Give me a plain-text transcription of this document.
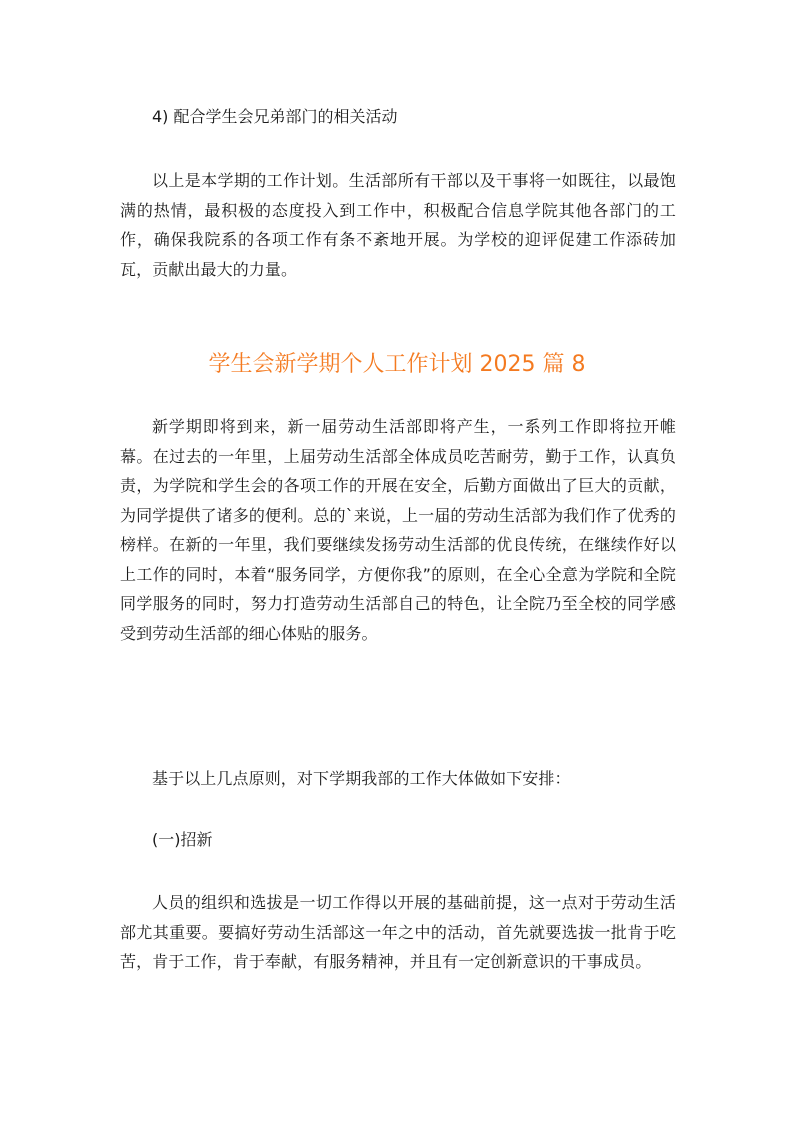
4) 配合学生会兄弟部门的相关活动

以上是本学期的工作计划。生活部所有干部以及干事将一如既往，以最饱满的热情，最积极的态度投入到工作中，积极配合信息学院其他各部门的工作，确保我院系的各项工作有条不紊地开展。为学校的迎评促建工作添砖加瓦，贡献出最大的力量。

学生会新学期个人工作计划 2025 篇 8

新学期即将到来，新一届劳动生活部即将产生，一系列工作即将拉开帷幕。在过去的一年里，上届劳动生活部全体成员吃苦耐劳，勤于工作，认真负责，为学院和学生会的各项工作的开展在安全，后勤方面做出了巨大的贡献，为同学提供了诸多的便利。总的`来说，上一届的劳动生活部为我们作了优秀的榜样。在新的一年里，我们要继续发扬劳动生活部的优良传统，在继续作好以上工作的同时，本着“服务同学，方便你我”的原则，在全心全意为学院和全院同学服务的同时，努力打造劳动生活部自己的特色，让全院乃至全校的同学感受到劳动生活部的细心体贴的服务。

基于以上几点原则，对下学期我部的工作大体做如下安排：

(一)招新

人员的组织和选拔是一切工作得以开展的基础前提，这一点对于劳动生活部尤其重要。要搞好劳动生活部这一年之中的活动，首先就要选拔一批肯于吃苦，肯于工作，肯于奉献，有服务精神，并且有一定创新意识的干事成员。
